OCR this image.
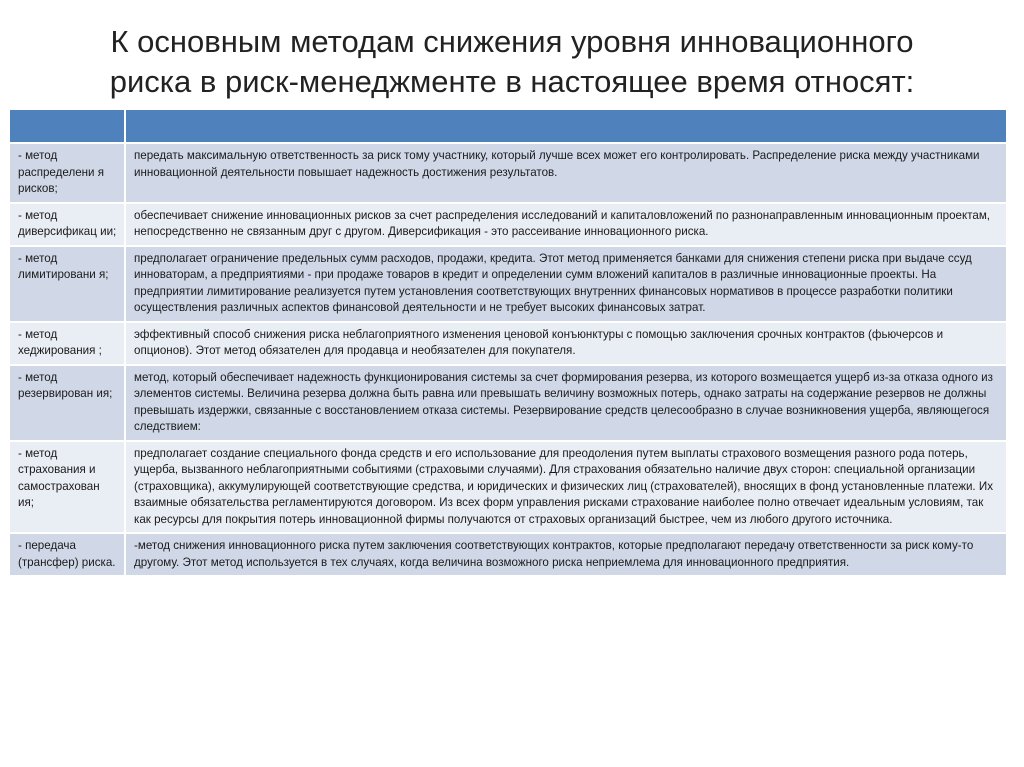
К основным методам снижения уровня инновационного
риска в риск-менеджменте в настоящее время относят:

- метод распределени я рисков;	передать максимальную ответственность за риск тому участнику, который лучше всех может его контролировать. Распределение риска между участниками инновационной деятельности повышает надежность достижения результатов.
- метод диверсификац ии;	обеспечивает снижение инновационных рисков за счет распределения исследований и капиталовложений по разнонаправленным инновационным проектам, непосредственно не связанным друг с другом. Диверсификация - это рассеивание инновационного риска.
- метод лимитировани я;	предполагает ограничение предельных сумм расходов, продажи, кредита. Этот метод применяется банками для снижения степени риска при выдаче ссуд инноваторам, а предприятиями - при продаже товаров в кредит и определении сумм вложений капиталов в различные инновационные проекты. На предприятии лимитирование реализуется путем установления соответствующих внутренних финансовых нормативов в процессе разработки политики осуществления различных аспектов финансовой деятельности и не требует высоких финансовых затрат.
- метод хеджирования ;	эффективный способ снижения риска неблагоприятного изменения ценовой конъюнктуры с помощью заключения срочных контрактов (фьючерсов и опционов). Этот метод обязателен для продавца и необязателен для покупателя.
- метод резервирован ия;	метод, который обеспечивает надежность функционирования системы за счет формирования резерва, из которого возмещается ущерб из-за отказа одного из элементов системы. Величина резерва должна быть равна или превышать величину возможных потерь, однако затраты на содержание резервов не должны превышать издержки, связанные с восстановлением отказа системы. Резервирование средств целесообразно в случае возникновения ущерба, являющегося следствием:
- метод страхования и самострахован ия;	предполагает создание специального фонда средств и его использование для преодоления путем выплаты страхового возмещения разного рода потерь, ущерба, вызванного неблагоприятными событиями (страховыми случаями). Для страхования обязательно наличие двух сторон: специальной организации (страховщика), аккумулирующей соответствующие средства, и юридических и физических лиц (страхователей), вносящих в фонд установленные платежи. Их взаимные обязательства регламентируются договором. Из всех форм управления рисками страхование наиболее полно отвечает идеальным условиям, так как ресурсы для покрытия потерь инновационной фирмы получаются от страховых организаций быстрее, чем из любого другого источника.
- передача (трансфер) риска.	-метод снижения инновационного риска путем заключения соответствующих контрактов, которые предполагают передачу ответственности за риск кому-то другому. Этот метод используется в тех случаях, когда величина возможного риска неприемлема для инновационного предприятия.
